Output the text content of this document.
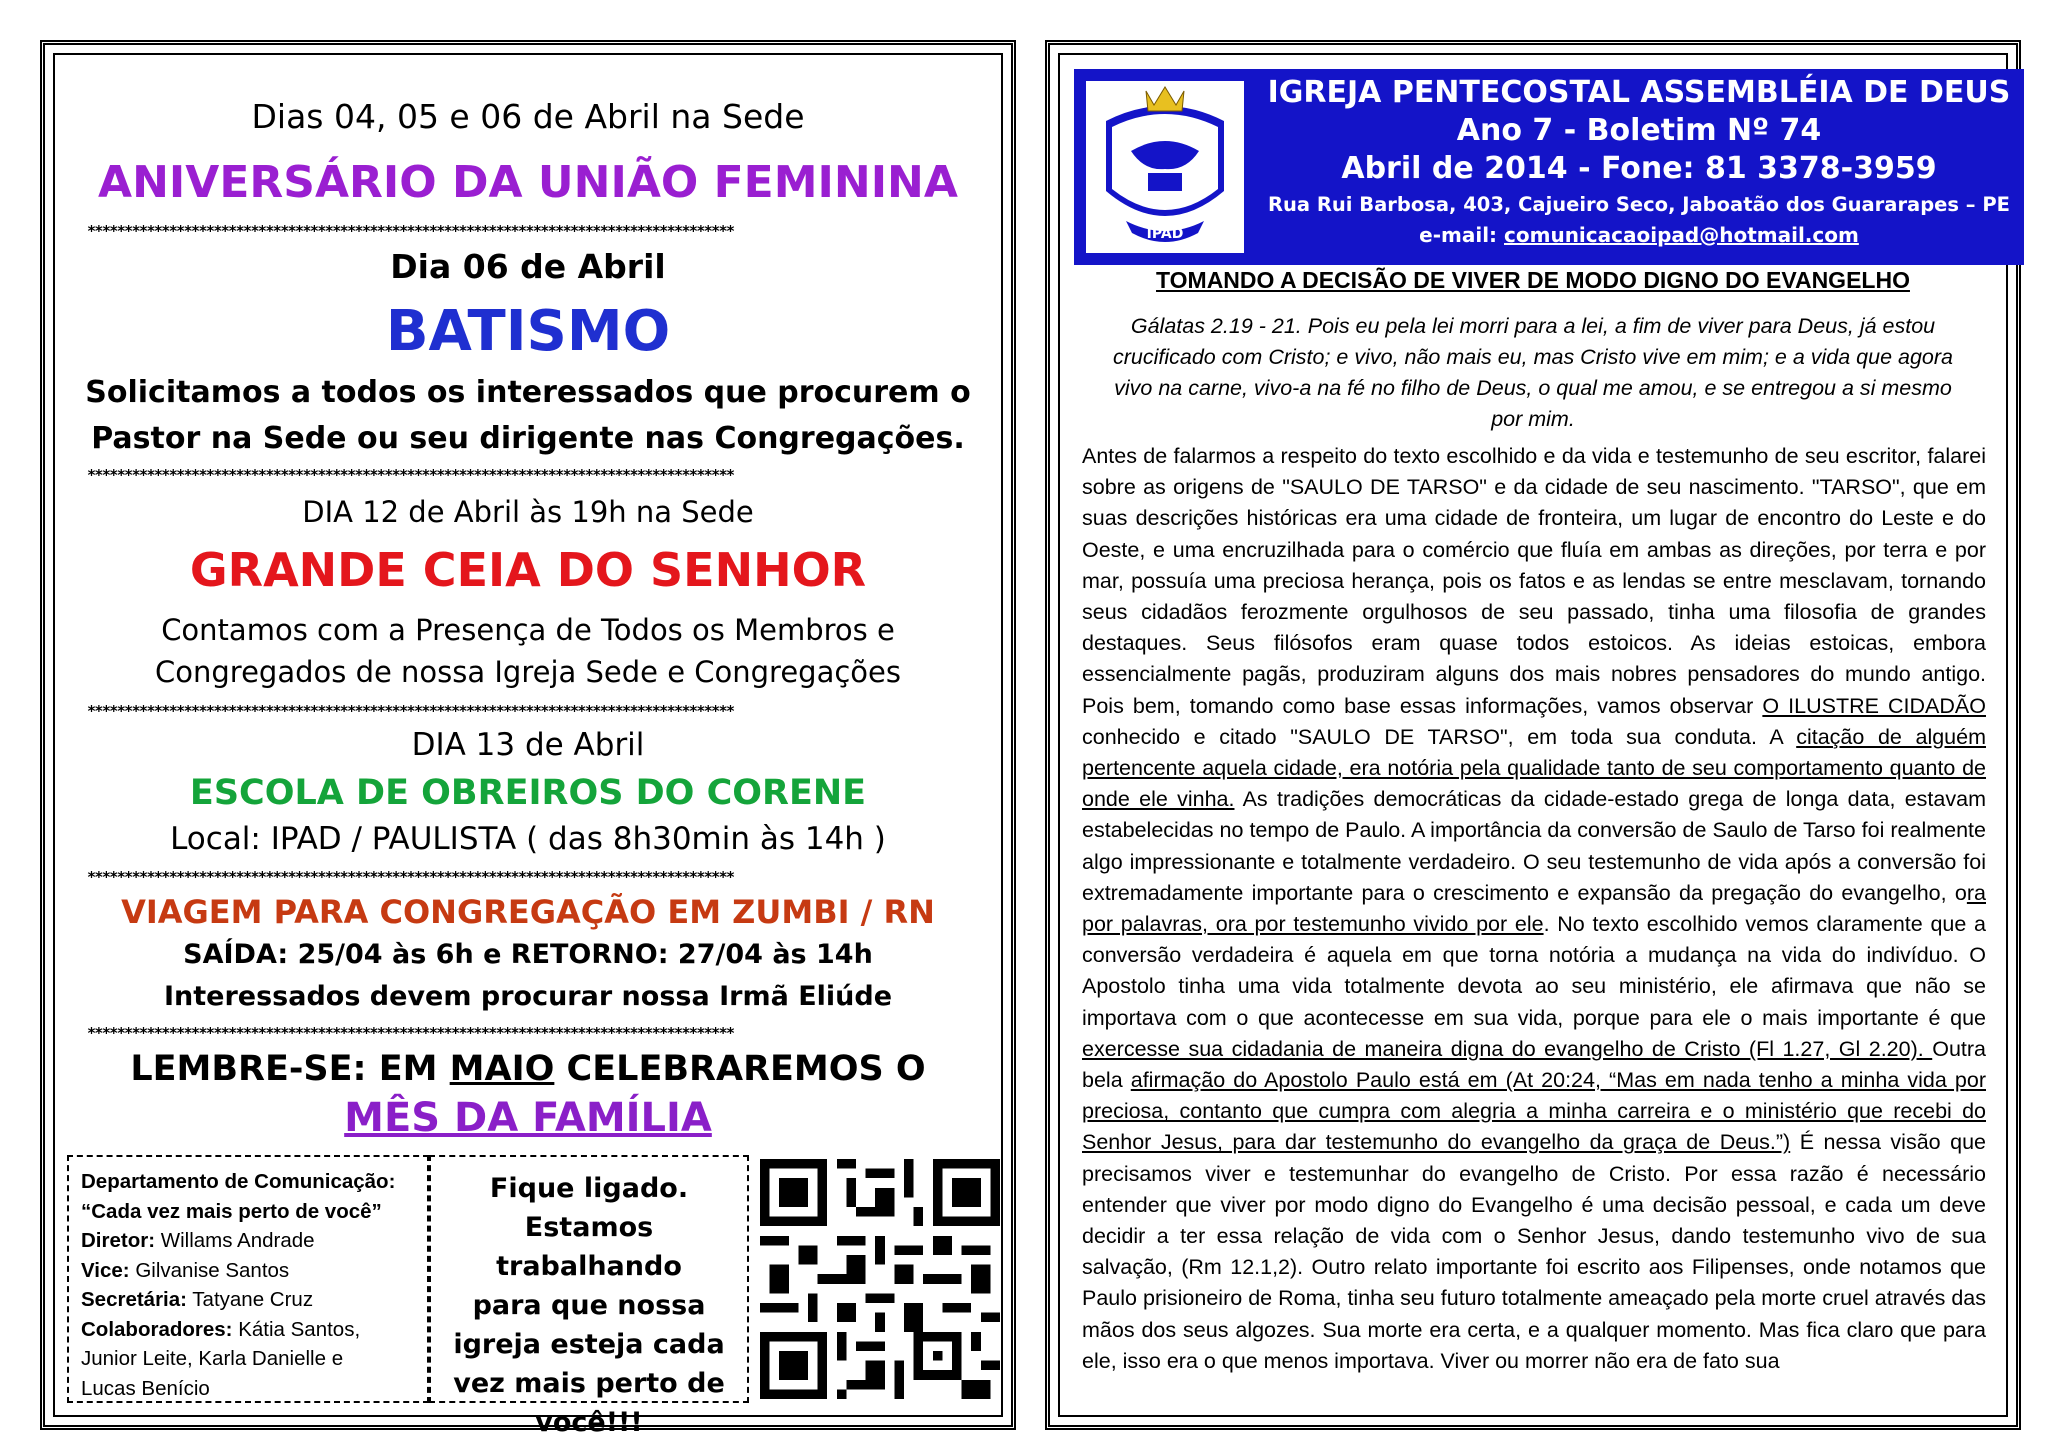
Dias 04, 05 e 06 de Abril na Sede
ANIVERSÁRIO DA UNIÃO FEMININA
***************************************************************************************
Dia 06 de Abril
BATISMO
Solicitamos a todos os interessados que procurem o
Pastor na Sede ou seu dirigente nas Congregações.
***************************************************************************************
DIA 12 de Abril às 19h na Sede
GRANDE CEIA DO SENHOR
Contamos com a Presença de Todos os Membros e
Congregados de nossa Igreja Sede e Congregações
***************************************************************************************
DIA 13 de Abril
ESCOLA DE OBREIROS DO CORENE
Local: IPAD / PAULISTA ( das 8h30min às 14h )
***************************************************************************************
VIAGEM PARA CONGREGAÇÃO EM ZUMBI / RN
SAÍDA: 25/04 às 6h e RETORNO: 27/04 às 14h
Interessados devem procurar nossa Irmã Eliúde
***************************************************************************************
LEMBRE-SE: EM MAIO CELEBRAREMOS O
MÊS DA FAMÍLIA
Departamento de Comunicação:
“Cada vez mais perto de você”
Diretor: Willams Andrade
Vice: Gilvanise Santos
Secretária: Tatyane Cruz
Colaboradores: Kátia Santos,
Junior Leite, Karla Danielle e
Lucas Benício
Fique ligado.
Estamos trabalhando
para que nossa
igreja esteja cada
vez mais perto de
você!!!
IPAD
IGREJA PENTECOSTAL ASSEMBLÉIA DE DEUS
Ano 7 - Boletim Nº 74
Abril de 2014 - Fone: 81 3378-3959
Rua Rui Barbosa, 403, Cajueiro Seco, Jaboatão dos Guararapes – PE
e-mail: comunicacaoipad@hotmail.com
TOMANDO A DECISÃO DE VIVER DE MODO DIGNO DO EVANGELHO
Gálatas 2.19 - 21. Pois eu pela lei morri para a lei, a fim de viver para Deus, já estou crucificado com Cristo; e vivo, não mais eu, mas Cristo vive em mim; e a vida que agora vivo na carne, vivo-a na fé no filho de Deus, o qual me amou, e se entregou a si mesmo por mim.
Antes de falarmos a respeito do texto escolhido e da vida e testemunho de seu escritor, falarei sobre as origens de "SAULO DE TARSO" e da cidade de seu nascimento. "TARSO", que em suas descrições históricas era uma cidade de fronteira, um lugar de encontro do Leste e do Oeste, e uma encruzilhada para o comércio que fluía em ambas as direções, por terra e por mar, possuía uma preciosa herança, pois os fatos e as lendas se entre mesclavam, tornando seus cidadãos ferozmente orgulhosos de seu passado, tinha uma filosofia de grandes destaques. Seus filósofos eram quase todos estoicos. As ideias estoicas, embora essencialmente pagãs, produziram alguns dos mais nobres pensadores do mundo antigo. Pois bem, tomando como base essas informações, vamos observar O ILUSTRE CIDADÃO conhecido e citado "SAULO DE TARSO", em toda sua conduta. A citação de alguém pertencente aquela cidade, era notória pela qualidade tanto de seu comportamento quanto de onde ele vinha. As tradições democráticas da cidade-estado grega de longa data, estavam estabelecidas no tempo de Paulo. A importância da conversão de Saulo de Tarso foi realmente algo impressionante e totalmente verdadeiro. O seu testemunho de vida após a conversão foi extremadamente importante para o crescimento e expansão da pregação do evangelho, ora por palavras, ora por testemunho vivido por ele. No texto escolhido vemos claramente que a conversão verdadeira é aquela em que torna notória a mudança na vida do indivíduo. O Apostolo tinha uma vida totalmente devota ao seu ministério, ele afirmava que não se importava com o que acontecesse em sua vida, porque para ele o mais importante é que exercesse sua cidadania de maneira digna do evangelho de Cristo (Fl 1.27, Gl 2.20). Outra bela afirmação do Apostolo Paulo está em (At 20:24, “Mas em nada tenho a minha vida por preciosa, contanto que cumpra com alegria a minha carreira e o ministério que recebi do Senhor Jesus, para dar testemunho do evangelho da graça de Deus.”) É nessa visão que precisamos viver e testemunhar do evangelho de Cristo. Por essa razão é necessário entender que viver por modo digno do Evangelho é uma decisão pessoal, e cada um deve decidir a ter essa relação de vida com o Senhor Jesus, dando testemunho vivo de sua salvação, (Rm 12.1,2). Outro relato importante foi escrito aos Filipenses, onde notamos que Paulo prisioneiro de Roma, tinha seu futuro totalmente ameaçado pela morte cruel através das mãos dos seus algozes. Sua morte era certa, e a qualquer momento. Mas fica claro que para ele, isso era o que menos importava. Viver ou morrer não era de fato sua
